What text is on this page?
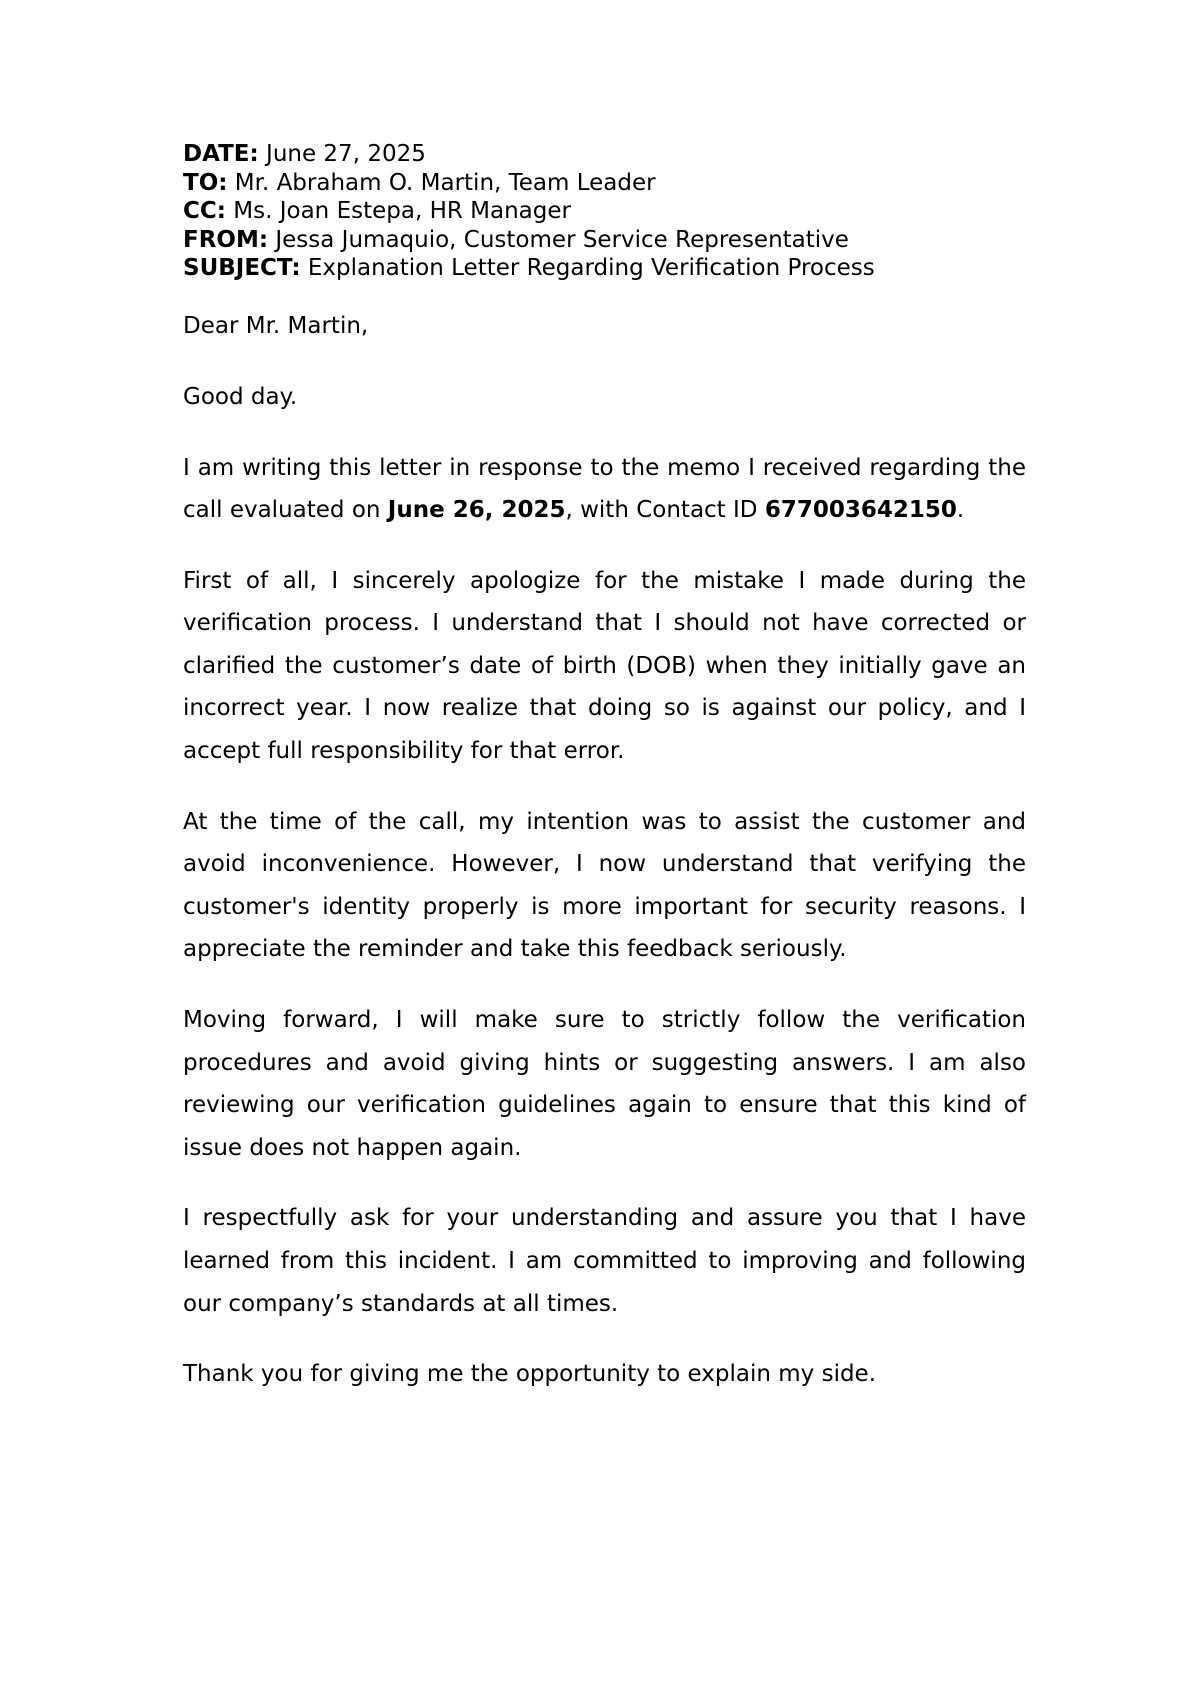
DATE: June 27, 2025
TO: Mr. Abraham O. Martin, Team Leader
CC: Ms. Joan Estepa, HR Manager
FROM: Jessa Jumaquio, Customer Service Representative
SUBJECT: Explanation Letter Regarding Verification Process

Dear Mr. Martin,

Good day.

I am writing this letter in response to the memo I received regarding the call evaluated on June 26, 2025, with Contact ID 677003642150.

First of all, I sincerely apologize for the mistake I made during the verification process. I understand that I should not have corrected or clarified the customer’s date of birth (DOB) when they initially gave an incorrect year. I now realize that doing so is against our policy, and I accept full responsibility for that error.

At the time of the call, my intention was to assist the customer and avoid inconvenience. However, I now understand that verifying the customer's identity properly is more important for security reasons. I appreciate the reminder and take this feedback seriously.

Moving forward, I will make sure to strictly follow the verification procedures and avoid giving hints or suggesting answers. I am also reviewing our verification guidelines again to ensure that this kind of issue does not happen again.

I respectfully ask for your understanding and assure you that I have learned from this incident. I am committed to improving and following our company’s standards at all times.

Thank you for giving me the opportunity to explain my side.
